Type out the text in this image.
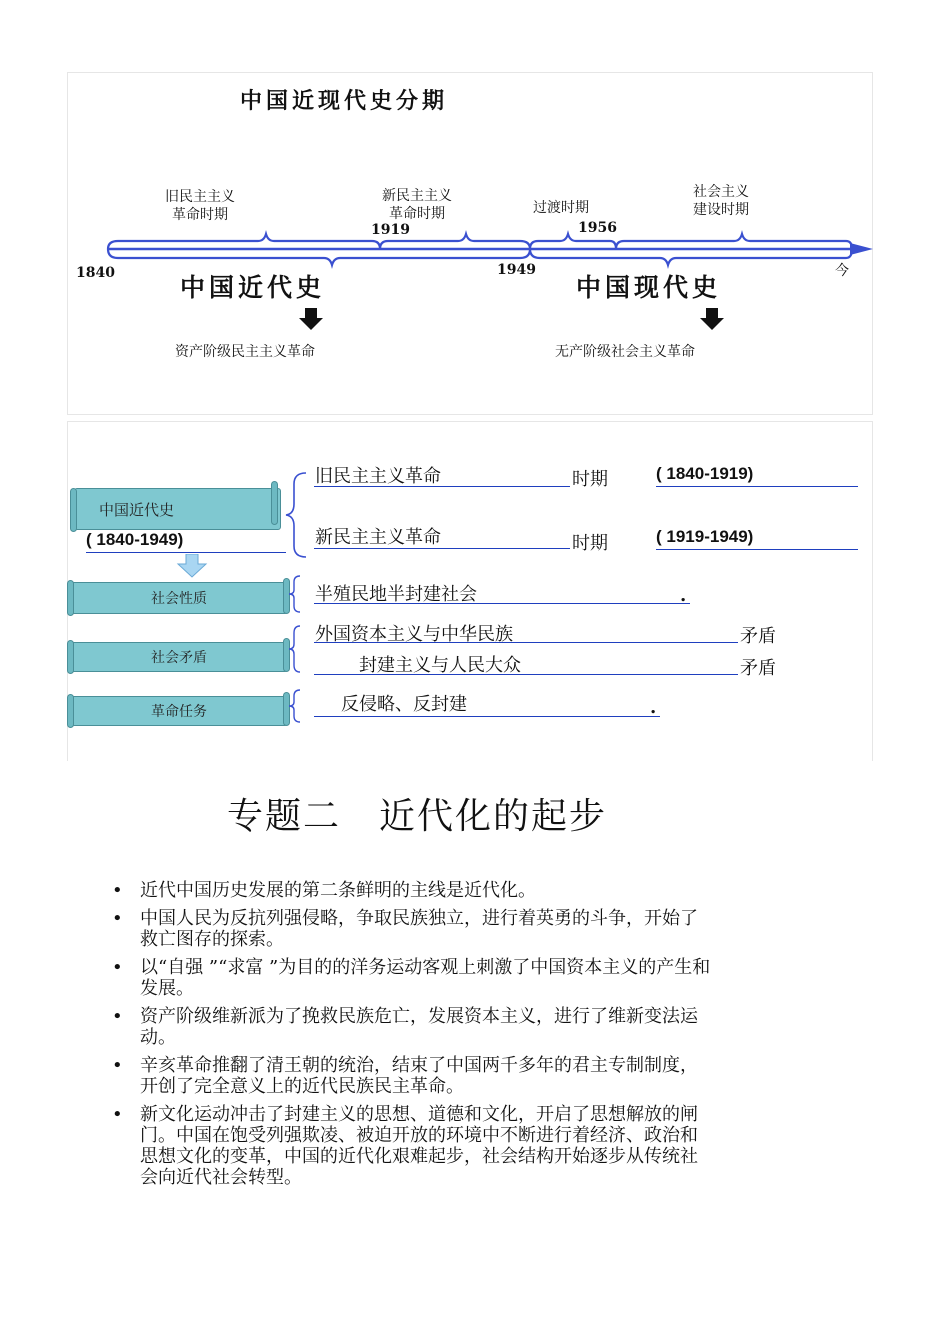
中国近现代史分期
旧民主主义
革命时期
新民主主义
革命时期	过渡时期
社会主义
建设时期
1919	1956
1840	1949	今
中国近代史	中国现代史
资产阶级民主主义革命	无产阶级社会主义革命
中国近代史
( 1840-1949)
旧民主主义革命	时期	( 1840-1919)
新民主主义革命	时期	( 1919-1949)
社会性质	半殖民地半封建社会	.
社会矛盾
外国资本主义与中华民族	矛盾
封建主义与人民大众	矛盾
革命任务	反侵略、反封建	.
专题二　近代化的起步
• 近代中国历史发展的第二条鲜明的主线是近代化。
• 中国人民为反抗列强侵略，争取民族独立，进行着英勇的斗争，开始了救亡图存的探索。
• 以“自强 ”“求富 ”为目的的洋务运动客观上刺激了中国资本主义的产生和发展。
• 资产阶级维新派为了挽救民族危亡，发展资本主义，进行了维新变法运动。
• 辛亥革命推翻了清王朝的统治，结束了中国两千多年的君主专制制度，开创了完全意义上的近代民族民主革命。
• 新文化运动冲击了封建主义的思想、道德和文化，开启了思想解放的闸门。中国在饱受列强欺凌、被迫开放的环境中不断进行着经济、政治和思想文化的变革，中国的近代化艰难起步，社会结构开始逐步从传统社会向近代社会转型。
